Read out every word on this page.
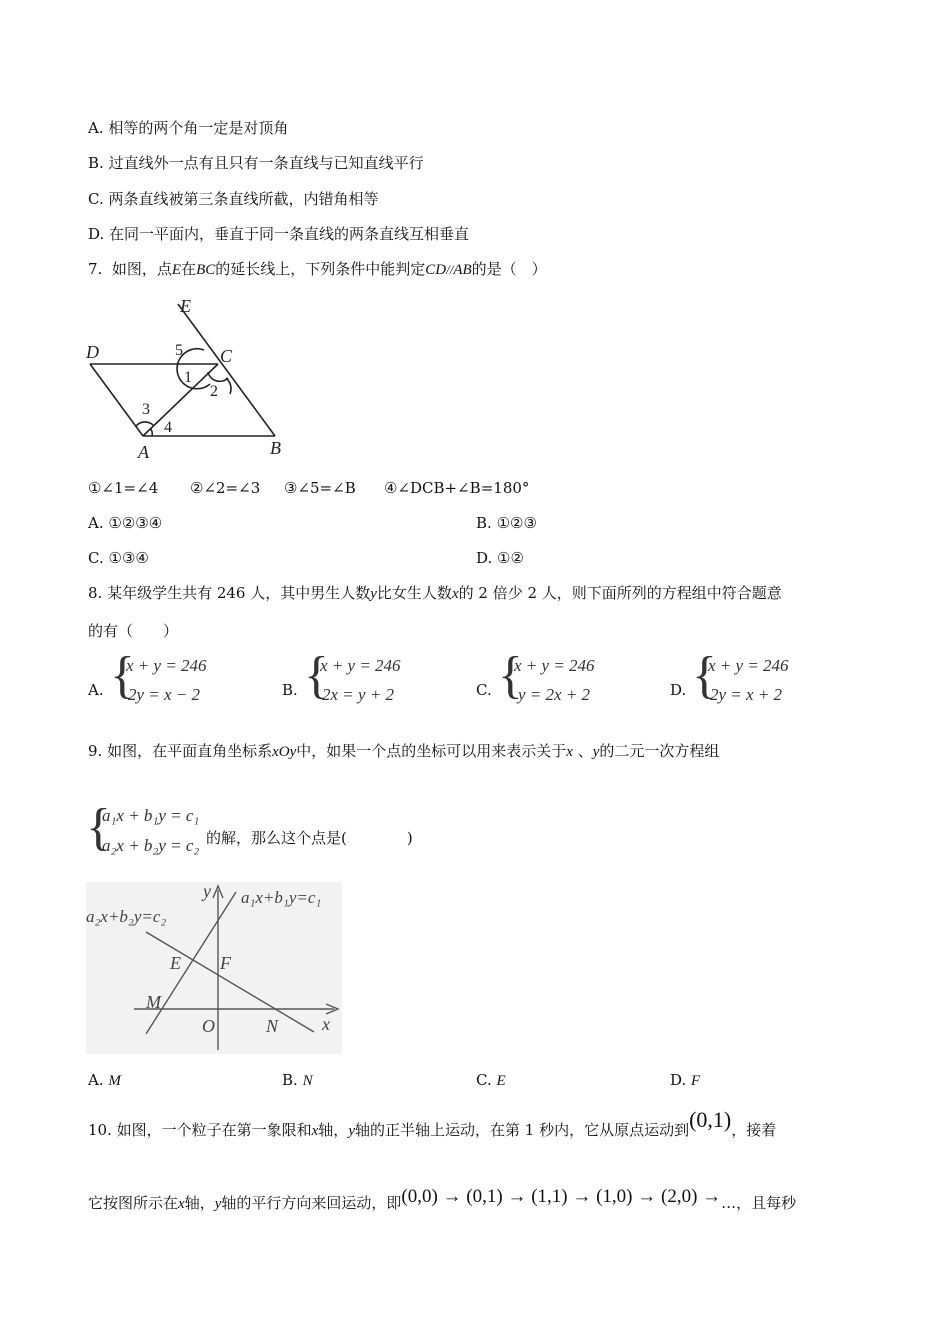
A. 相等的两个角一定是对顶角
B. 过直线外一点有且只有一条直线与已知直线平行
C. 两条直线被第三条直线所截，内错角相等
D. 在同一平面内，垂直于同一条直线的两条直线互相垂直
7. 如图，点E在BC的延长线上，下列条件中能判定CD//AB的是（　）
E
D	C
A	B
5
1
2
3
4
①∠1=∠4 ②∠2=∠3 ③∠5=∠B ④∠DCB+∠B=180°
A. ①②③④	B. ①②③
C. ①③④	D. ①②
8. 某年级学生共有 246 人，其中男生人数y比女生人数x的 2 倍少 2 人，则下面所列的方程组中符合题意
的有（　　）
A. {
x + y = 246
2y = x − 2	B. {
x + y = 246
2x = y + 2	C. {
x + y = 246
y = 2x + 2	D. {
x + y = 246
2y = x + 2
9. 如图，在平面直角坐标系xOy中，如果一个点的坐标可以用来表示关于x 、y的二元一次方程组
{
a₁x + b₁y = c₁
a₂x + b₂y = c₂ 的解，那么这个点是(　　　　)
a₁x+b₁y=c₁
a₂x+b₂y=c₂
y
x
O
E F
M
N
A. M	B. N	C. E	D. F
10. 如图，一个粒子在第一象限和x轴，y轴的正半轴上运动，在第 1 秒内，它从原点运动到(0,1)，接着
它按图所示在x轴，y轴的平行方向来回运动，即(0,0) → (0,1) → (1,1) → (1,0) → (2,0) →…，且每秒
